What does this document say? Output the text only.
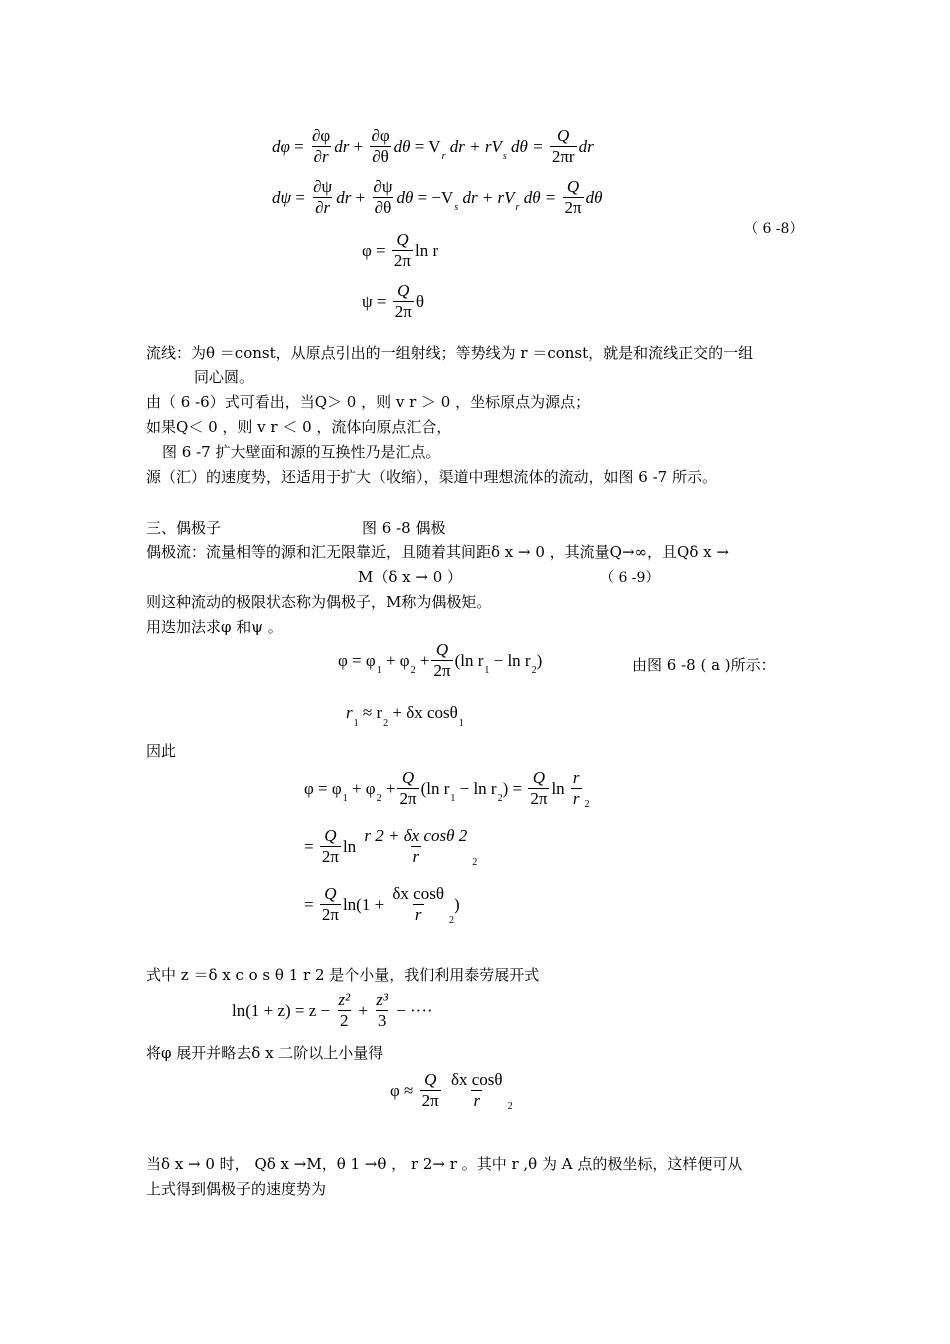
$d\varphi = \frac{\partial\varphi}{\partial r}$ dr + $\frac{\partial\varphi}{\partial\theta}$ dθ
= V
r

dr + rV
s

dθ =
$\frac{Q}{2\pi r}$ dr
$d\psi = \frac{\partial\psi}{\partial r}$ dr + $\frac{\partial\psi}{\partial\theta}$ dθ
= −V
s

dr + rV
r

dθ =
$\frac{Q}{2\pi}$ dθ
（ 6 -8）
φ =
$\frac{Q}{2\pi}$ ln r
ψ =
$\frac{Q}{2\pi}$ θ
流线：为θ ＝const，从原点引出的一组射线；等势线为 r ＝const，就是和流线正交的一组
同心圆。
由（ 6 -6）式可看出，当Q＞ 0 ，则 v r ＞ 0 ，坐标原点为源点；
如果Q＜ 0 ，则 v r ＜ 0 ，流体向原点汇合，
图 6 -7 扩大壁面和源的互换性乃是汇点。
源（汇）的速度势，还适用于扩大（收缩），渠道中理想流体的流动，如图 6 -7 所示。
三、偶极子	图 6 -8 偶极
偶极流：流量相等的源和汇无限靠近，且随着其间距δ x → 0 ，其流量Q→∞，且Qδ x →
M（δ x → 0 ）	（ 6 -9）
则这种流动的极限状态称为偶极子，M称为偶极矩。
用迭加法求φ 和ψ 。
φ = φ
1

+ φ
2

+ $\frac{Q}{2\pi} (\ln$ r
1

− ln r
2
)	由图 6 -8 ( a )所示：
r
1

≈ r
2

+ δx cosθ
1
因此
φ = φ
1

+ φ
2

+ $\frac{Q}{2\pi} (\ln$ r
1

− ln r
2
) =
$\frac{Q}{2\pi}$ ln
$\frac{r}{r} 2$
=
$\frac{Q}{2\pi}$ ln
$\frac{\text{r 2 + δx cosθ 2}}{r} 2$
=
$\frac{Q}{2\pi} \ln(1$ +
$\frac{\text{δx cosθ}}{r} 2$
)
式中 z ＝δ x c o s θ 1 r 2 是个小量，我们利用泰劳展开式
ln(1 + z) = z −
$\frac{\text{z²}}{2}$
+
$\frac{\text{z³}}{3}$
− ····
将φ 展开并略去δ x 二阶以上小量得
φ ≈
$\frac{Q}{2\pi}$
$\frac{\text{δx cosθ}}{r} 2$
当δ x → 0 时， Qδ x →M，θ 1 →θ ， r 2→ r 。其中 r ,θ 为 A 点的极坐标，这样便可从
上式得到偶极子的速度势为
